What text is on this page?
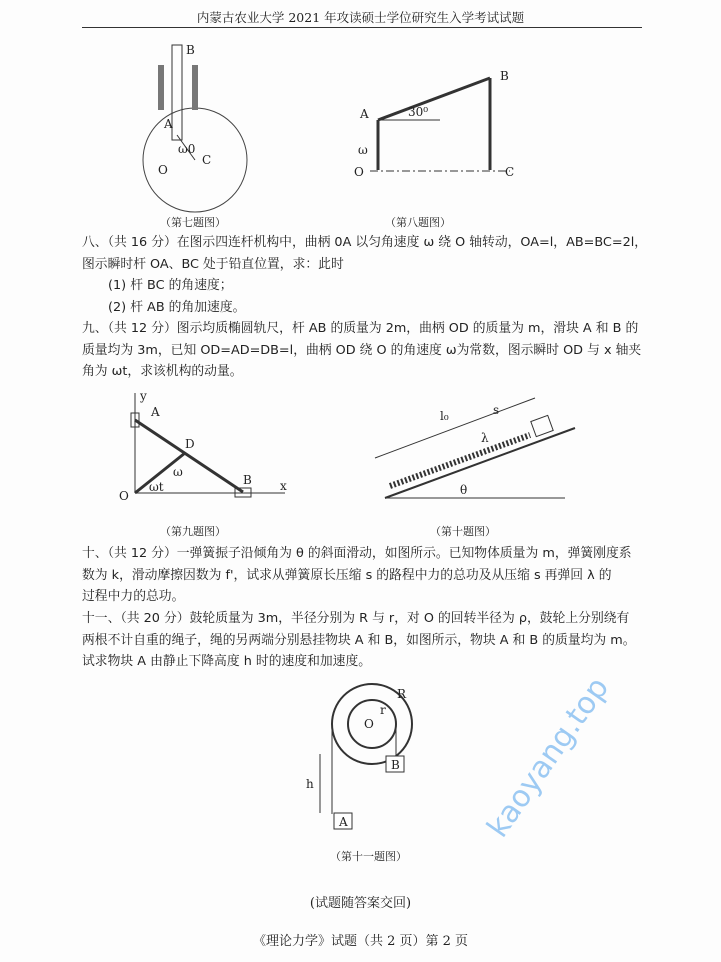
内蒙古农业大学 2021 年攻读硕士学位研究生入学考试试题
B
A
ω0
C
O
（第七题图）
A
B
30⁰
ω
O	C
（第八题图）

八、（共 16 分）在图示四连杆机构中，曲柄 0A 以匀角速度 ω 绕 O 轴转动，OA=l，AB=BC=2l，

图示瞬时杆 OA、BC 处于铅直位置，求：此时

(1) 杆 BC 的角速度；

(2) 杆 AB 的角加速度。

九、（共 12 分）图示均质椭圆轨尺，杆 AB 的质量为 2m，曲柄 OD 的质量为 m，滑块 A 和 B 的

质量均为 3m，已知 OD=AD=DB=l，曲柄 OD 绕 O 的角速度 ω为常数，图示瞬时 OD 与 x 轴夹

角为 ωt，求该机构的动量。

y
A
D
O
ωt
ω
B x
（第九题图）
l₀	s
λ
θ
（第十题图）

十、（共 12 分）一弹簧振子沿倾角为 θ 的斜面滑动，如图所示。已知物体质量为 m，弹簧刚度系

数为 k，滑动摩擦因数为 f'，试求从弹簧原长压缩 s 的路程中力的总功及从压缩 s 再弹回 λ 的

过程中力的总功。

十一、（共 20 分）鼓轮质量为 3m，半径分别为 R 与 r，对 O 的回转半径为 ρ，鼓轮上分别绕有

两根不计自重的绳子，绳的另两端分别悬挂物块 A 和 B，如图所示，物块 A 和 B 的质量均为 m。

试求物块 A 由静止下降高度 h 时的速度和加速度。

O
R
r
B
A
h
（第十一题图）
kaoyang.top
(试题随答案交回)
《理论力学》试题（共 2 页）第 2 页
